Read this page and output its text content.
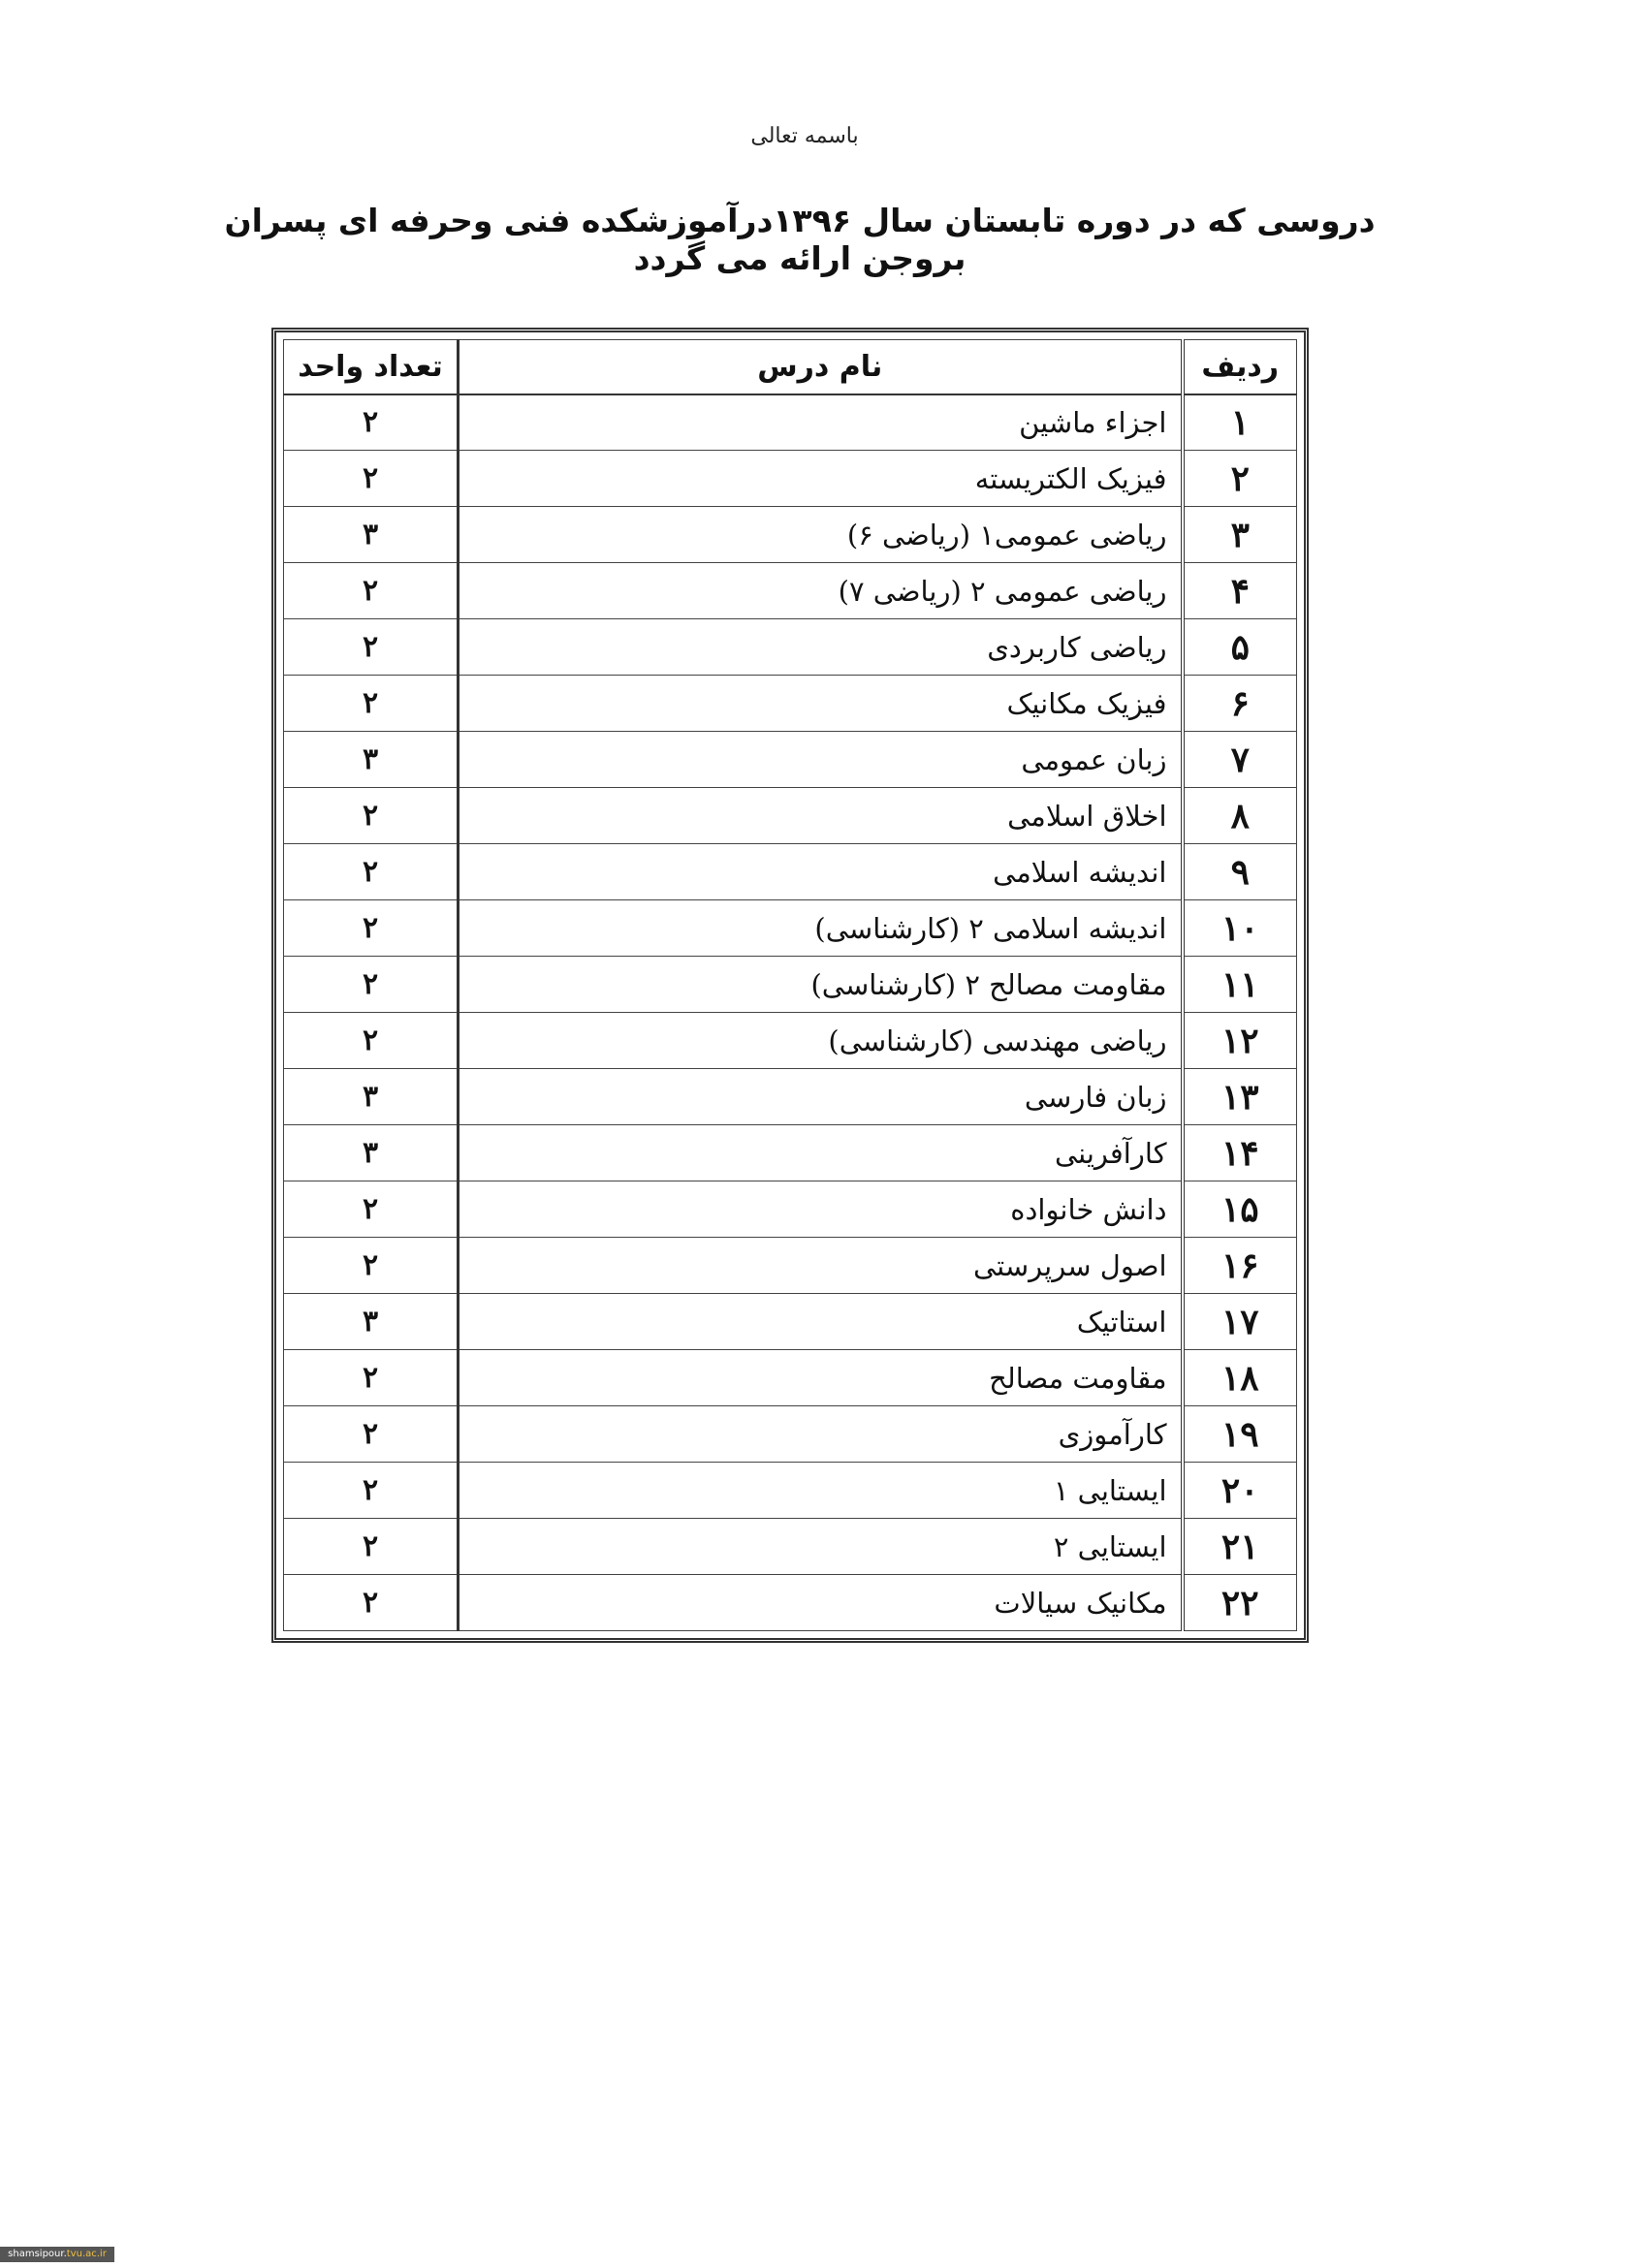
باسمه تعالی
دروسی که در دوره تابستان سال ۱۳۹۶درآموزشکده فنی وحرفه ای پسران بروجن ارائه می گردد
ردیف	نام درس	تعداد واحد
۱	اجزاء ماشین	۲
۲	فیزیک الکتریسته	۲
۳	ریاضی عمومی۱ (ریاضی ۶)	۳
۴	ریاضی عمومی ۲ (ریاضی ۷)	۲
۵	ریاضی کاربردی	۲
۶	فیزیک مکانیک	۲
۷	زبان عمومی	۳
۸	اخلاق اسلامی	۲
۹	اندیشه اسلامی	۲
۱۰	اندیشه اسلامی ۲ (کارشناسی)	۲
۱۱	مقاومت مصالح ۲ (کارشناسی)	۲
۱۲	ریاضی مهندسی (کارشناسی)	۲
۱۳	زبان فارسی	۳
۱۴	کارآفرینی	۳
۱۵	دانش خانواده	۲
۱۶	اصول سرپرستی	۲
۱۷	استاتیک	۳
۱۸	مقاومت مصالح	۲
۱۹	کارآموزی	۲
۲۰	ایستایی ۱	۲
۲۱	ایستایی ۲	۲
۲۲	مکانیک سیالات	۲
shamsipour.tvu.ac.ir
